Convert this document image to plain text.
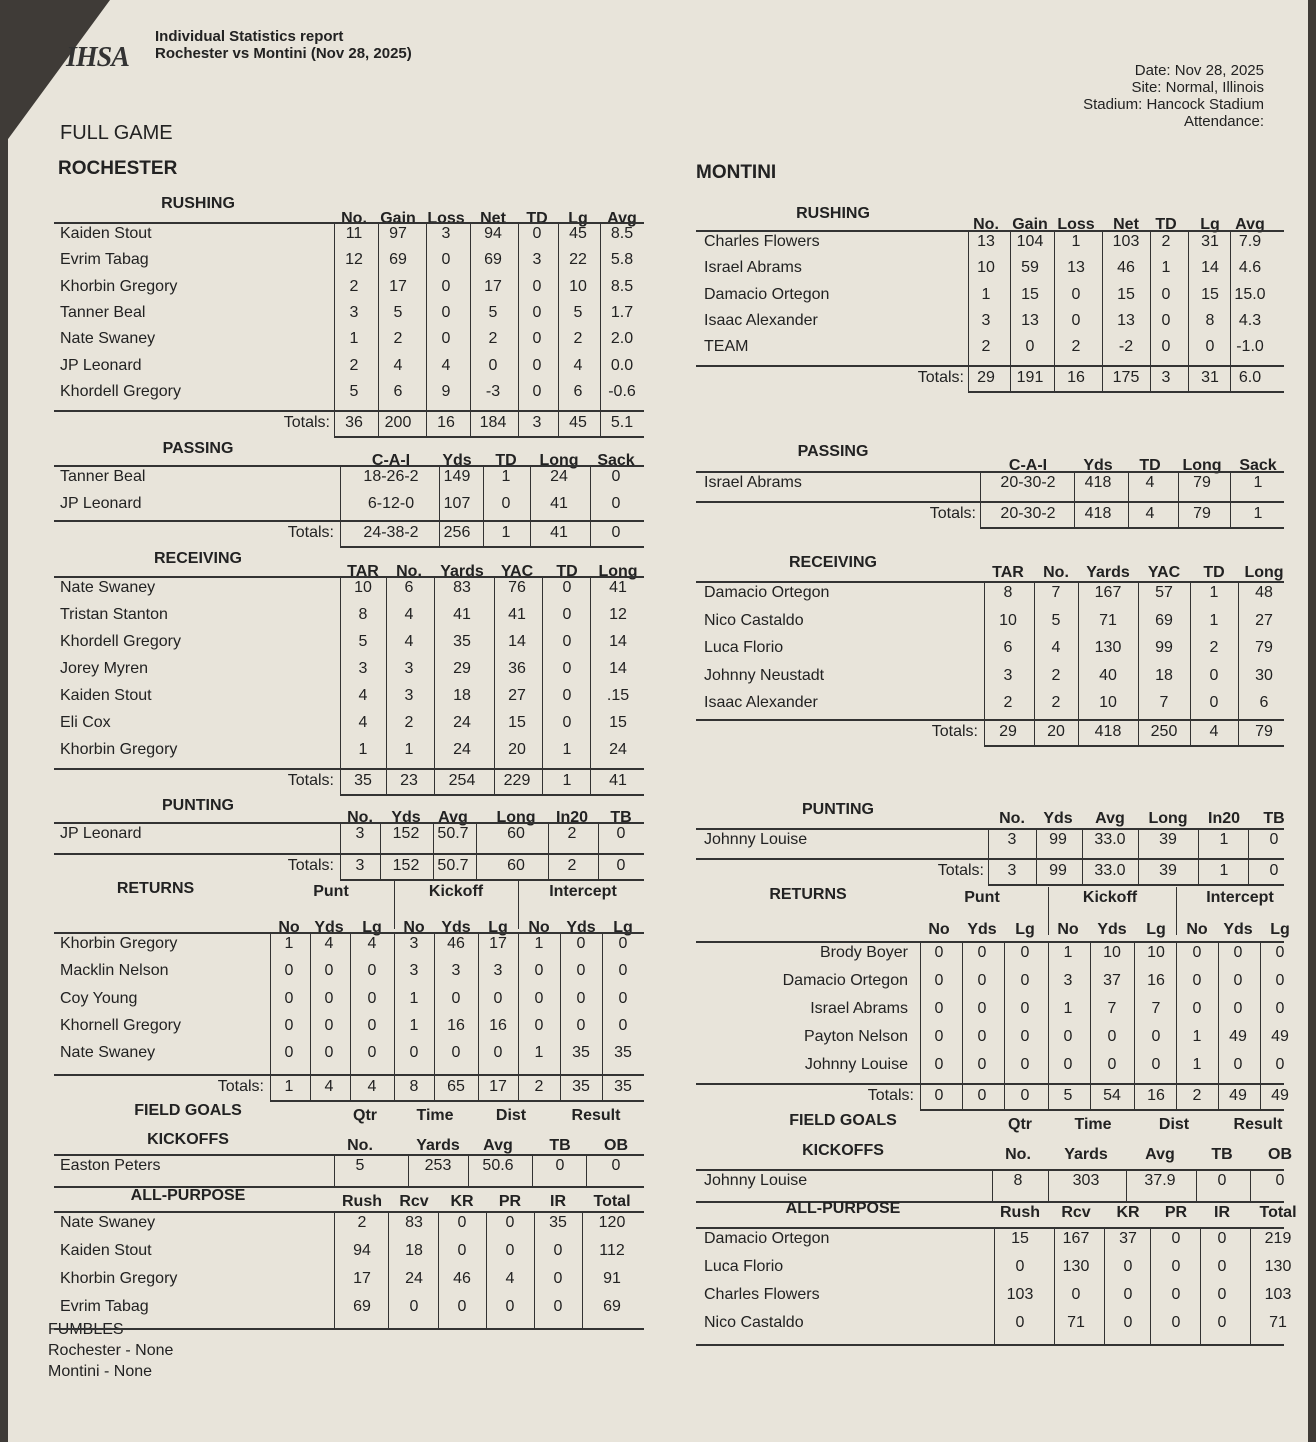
IHSA
Individual Statistics report
Rochester vs Montini (Nov 28, 2025)
Date: Nov 28, 2025
Site: Normal, Illinois
Stadium: Hancock Stadium
Attendance:
FULL GAME
FUMBLES
Rochester - None
Montini - None
ROCHESTER
RUSHING
No. Gain Loss Net TD Lg Avg
Kaiden Stout	11 97 3 94 0 45 8.5
Evrim Tabag	12 69 0 69 3 22 5.8
Khorbin Gregory	2 17 0 17 0 10 8.5
Tanner Beal	3 5 0 5 0 5 1.7
Nate Swaney	1 2 0 2 0 2 2.0
JP Leonard	2 4 4 0 0 4 0.0
Khordell Gregory	5 6 9 -3 0 6 -0.6
Totals: 36 200 16 184 3 45 5.1
PASSING
C-A-I Yds TD Long Sack
Tanner Beal	18-26-2 149 1 24	0
JP Leonard	6-12-0 107 0 41	0
Totals: 24-38-2 256 1 41	0
RECEIVING
TAR No. Yards YAC TD Long
Nate Swaney	10 6 83 76 0 41
Tristan Stanton	8 4 41 41 0 12
Khordell Gregory	5 4 35 14 0 14
Jorey Myren	3 3 29 36 0 14
Kaiden Stout	4 3 18 27 0 .15
Eli Cox	4 2 24 15 0 15
Khorbin Gregory	1 1 24 20 1 24
Totals: 35 23 254 229 1 41
PUNTING
No. Yds Avg Long In20 TB
JP Leonard	3 152 50.7 60	2	0
Totals: 3 152 50.7 60	2	0
RETURNS
No Yds Lg No Yds Lg No Yds Lg
Khorbin Gregory	1 4 4 3 46 17 1 0 0
Macklin Nelson	0 0 0 3 3 3 0 0 0
Coy Young	0 0 0 1 0 0 0 0 0
Khornell Gregory	0 0 0 1 16 16 0 0 0
Nate Swaney	0 0 0 0 0 0 1 35 35
Totals: 1 4 4 8 65 17 2 35 35
Punt	Kickoff	Intercept
FIELD GOALS	Qtr Time	Dist	Result
KICKOFFS	No.	Yards Avg TB OB
Easton Peters	5	253 50.6	0	0
ALL-PURPOSE	Rush Rcv KR PR IR Total
Nate Swaney	2 83 0 0 35 120
Kaiden Stout	94 18 0 0 0 112
Khorbin Gregory	17 24 46 4 0	91
Evrim Tabag	69 0 0 0 0	69
MONTINI
RUSHING
No. Gain Loss Net TD Lg Avg
Charles Flowers	13 104 1 103 2 31 7.9
Israel Abrams	10 59 13 46 1 14 4.6
Damacio Ortegon	1 15 0 15 0 15 15.0
Isaac Alexander	3 13 0 13 0 8 4.3
TEAM	2 0 2 -2 0 0 -1.0
Totals: 29 191 16 175 3 31 6.0
PASSING
C-A-I Yds TD Long Sack
Israel Abrams	20-30-2 418 4 79	1
Totals: 20-30-2 418 4 79	1
RECEIVING
TAR No. Yards YAC TD Long
Damacio Ortegon	8 7 167 57 1 48
Nico Castaldo	10 5 71 69 1 27
Luca Florio	6 4 130 99 2 79
Johnny Neustadt	3 2 40 18 0 30
Isaac Alexander	2 2 10	7	0	6
Totals: 29 20 418 250 4 79
PUNTING
No. Yds Avg Long In20 TB
Johnny Louise	3 99 33.0 39	1	0
Totals: 3 99 33.0 39	1	0
RETURNS
No Yds Lg No Yds Lg No Yds Lg
Brody Boyer 0 0 0 1 10 10 0 0 0
Damacio Ortegon 0 0 0 3 37 16 0 0 0
Israel Abrams 0 0 0 1 7 7 0 0 0
Payton Nelson 0 0 0 0 0 0 1 49 49
Johnny Louise 0 0 0 0 0 0 1 0 0
Totals: 0 0 0 5 54 16 2 49 49
Punt	Kickoff	Intercept
FIELD GOALS	Qtr	Time	Dist	Result
KICKOFFS	No. Yards Avg TB OB
Johnny Louise	8	303	37.9	0	0
ALL-PURPOSE	Rush Rcv KR PR IR Total
Damacio Ortegon	15 167 37 0 0 219
Luca Florio	0 130 0 0 0 130
Charles Flowers	103 0	0 0 0 103
Nico Castaldo	0	71 0 0 0	71
